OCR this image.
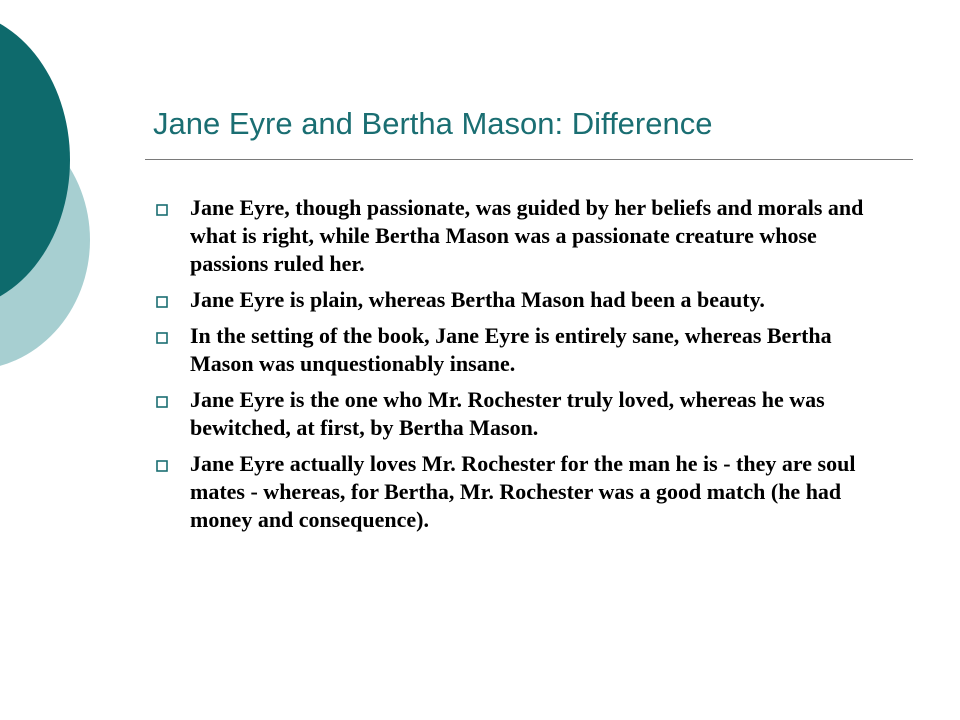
Jane Eyre and Bertha Mason: Difference
Jane Eyre, though passionate, was guided by her beliefs and morals and what is right, while Bertha Mason was a passionate creature whose passions ruled her.
Jane Eyre is plain, whereas Bertha Mason had been a beauty.
In the setting of the book, Jane Eyre is entirely sane, whereas Bertha Mason was unquestionably insane.
Jane Eyre is the one who Mr. Rochester truly loved, whereas he was bewitched, at first, by Bertha Mason.
Jane Eyre actually loves Mr. Rochester for the man he is - they are soul mates - whereas, for Bertha, Mr. Rochester was a good match (he had money and consequence).
